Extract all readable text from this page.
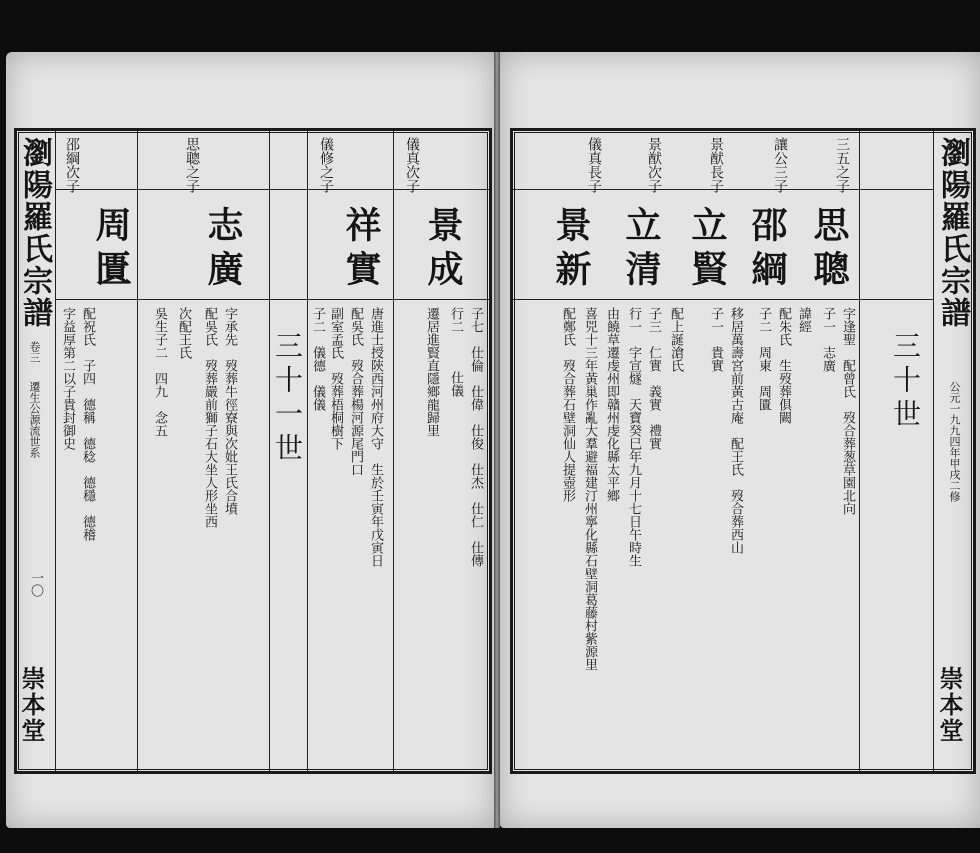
瀏陽羅氏宗譜
卷三
遷生公源流世系
一〇
崇本堂
邵綱次子
周匱
字益厚第二以子貴封御史
配祝氏　子四　德稱　德稔　德穩　德稽
思聰之子
志廣
字承先　歿葬牛徑寮與次妣王氏合墳
配吳氏　歿葬嚴前獅子石大坐人形坐西
次配王氏
吳生子二　四九　念五	三十一世
儀修之子
祥實
唐進士授陝西河州府大守　生於壬寅年戊寅日
配吳氏　歿合葬楊河源尾門口
副室孟氏　歿葬梧桐樹下
子二　儀德　儀儀
儀真次子
景成
行二
遷居進賢直隱鄉龍歸里 子七　仕倫　仕偉　仕俊　仕杰　仕仁　仕傳
仕儀
瀏陽羅氏宗譜
公元一九九四年甲戌二修
崇本堂
三十世
三五之子
思聰
字逢聖　配曾氏　歿合葬葱草園北向
子一　志廣
讓公三子
邵綱
諱經
配朱氏　生歿葬俱闕
子二　周東　周匱
景猷長子
立賢
移居萬壽宮前黃古庵　配王氏　歿合葬西山
子一　貴實
景猷次子
立清
配上誕滄氏
子三　仁實　義實　禮實
儀真長子
景新
行一　字宣燧　天寶癸巳年九月十七日午時生
由饒草遷虔州即贛州虔化縣太平鄉
喜兕十三年黃巢作亂大羣避福建汀州寧化縣石壁洞葛藤村紫源里
配鄭氏　歿合葬石壁洞仙人提壺形
